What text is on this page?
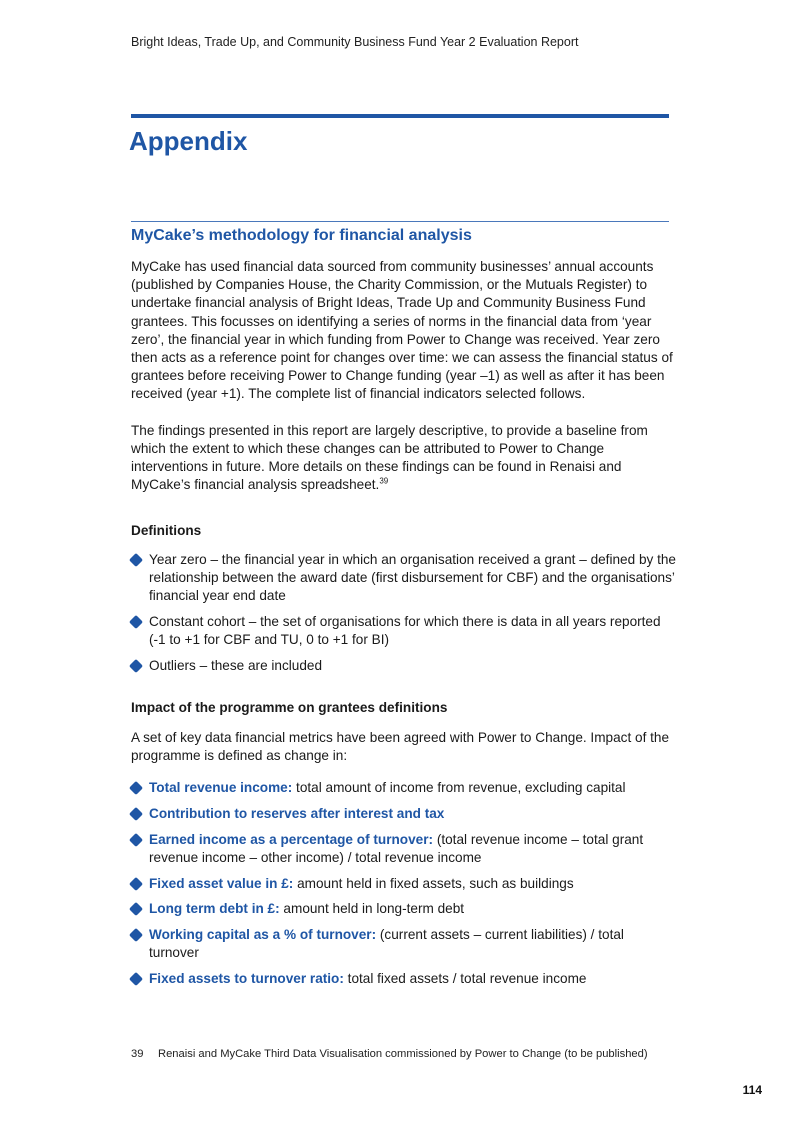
Bright Ideas, Trade Up, and Community Business Fund Year 2 Evaluation Report
Appendix
MyCake’s methodology for financial analysis

MyCake has used financial data sourced from community businesses’ annual accounts (published by Companies House, the Charity Commission, or the Mutuals Register) to undertake financial analysis of Bright Ideas, Trade Up and Community Business Fund grantees. This focusses on identifying a series of norms in the financial data from ‘year zero’, the financial year in which funding from Power to Change was received. Year zero then acts as a reference point for changes over time: we can assess the financial status of grantees before receiving Power to Change funding (year –1) as well as after it has been received (year +1). The complete list of financial indicators selected follows.

The findings presented in this report are largely descriptive, to provide a baseline from which the extent to which these changes can be attributed to Power to Change interventions in future. More details on these findings can be found in Renaisi and MyCake’s financial analysis spreadsheet.$^{39}$

Definitions

Year zero – the financial year in which an organisation received a grant – defined by the relationship between the award date (first disbursement for CBF) and the organisations’ financial year end date
Constant cohort – the set of organisations for which there is data in all years reported (-1 to +1 for CBF and TU, 0 to +1 for BI)
Outliers – these are included

Impact of the programme on grantees definitions

A set of key data financial metrics have been agreed with Power to Change. Impact of the programme is defined as change in:

Total revenue income: total amount of income from revenue, excluding capital
Contribution to reserves after interest and tax
Earned income as a percentage of turnover: (total revenue income – total grant revenue income – other income) / total revenue income
Fixed asset value in £: amount held in fixed assets, such as buildings
Long term debt in £: amount held in long-term debt
Working capital as a % of turnover: (current assets – current liabilities) / total turnover
Fixed assets to turnover ratio: total fixed assets / total revenue income
39 Renaisi and MyCake Third Data Visualisation commissioned by Power to Change (to be published)
114
